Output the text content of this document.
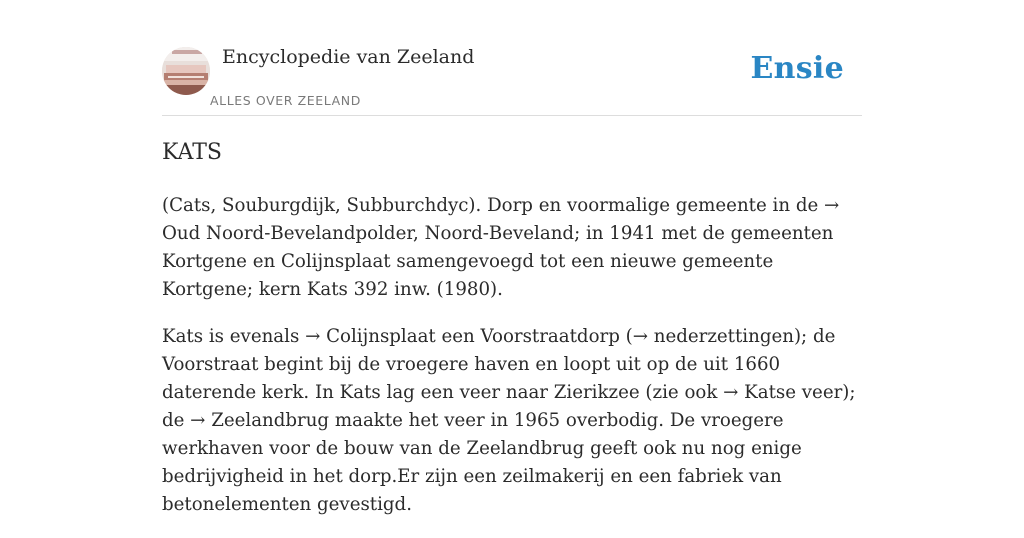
Encyclopedie van Zeeland
ALLES OVER ZEELAND
Ensie
KATS

(Cats, Souburgdijk, Subburchdyc). Dorp en voormalige gemeente in de → Oud Noord-Bevelandpolder, Noord-Beveland; in 1941 met de gemeenten Kortgene en Colijnsplaat samengevoegd tot een nieuwe gemeente Kortgene; kern Kats 392 inw. (1980).

Kats is evenals → Colijnsplaat een Voorstraatdorp (→ nederzettingen); de Voorstraat begint bij de vroegere haven en loopt uit op de uit 1660 daterende kerk. In Kats lag een veer naar Zierikzee (zie ook → Katse veer); de → Zeelandbrug maakte het veer in 1965 overbodig. De vroegere werkhaven voor de bouw van de Zeelandbrug geeft ook nu nog enige bedrijvigheid in het dorp.Er zijn een zeilmakerij en een fabriek van betonelementen gevestigd.
